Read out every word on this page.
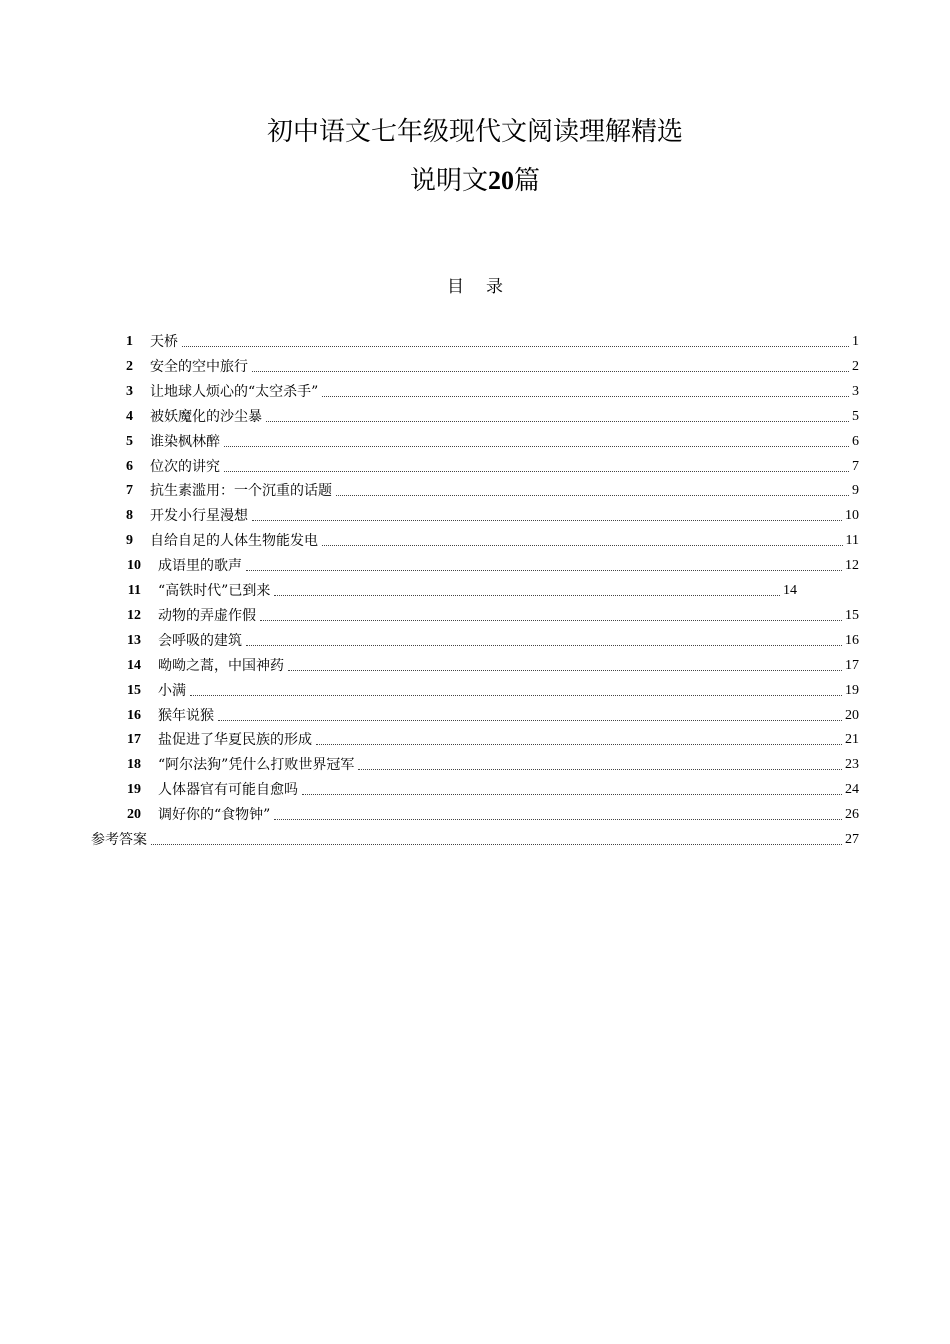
初中语文七年级现代文阅读理解精选
说明文20篇
目录
1 天桥	1
2 安全的空中旅行	2
3 让地球人烦心的“太空杀手”	3
4 被妖魔化的沙尘暴	5
5 谁染枫林醉	6
6 位次的讲究	7
7 抗生素滥用：一个沉重的话题	9
8 开发小行星漫想	10
9 自给自足的人体生物能发电	11
10 成语里的歌声	12
11 “高铁时代”已到来	14
12 动物的弄虚作假	15
13 会呼吸的建筑	16
14 呦呦之蒿，中国神药	17
15 小满	19
16 猴年说猴	20
17 盐促进了华夏民族的形成	21
18 “阿尔法狗”凭什么打败世界冠军	23
19 人体器官有可能自愈吗	24
20 调好你的“食物钟”	26
参考答案	27
